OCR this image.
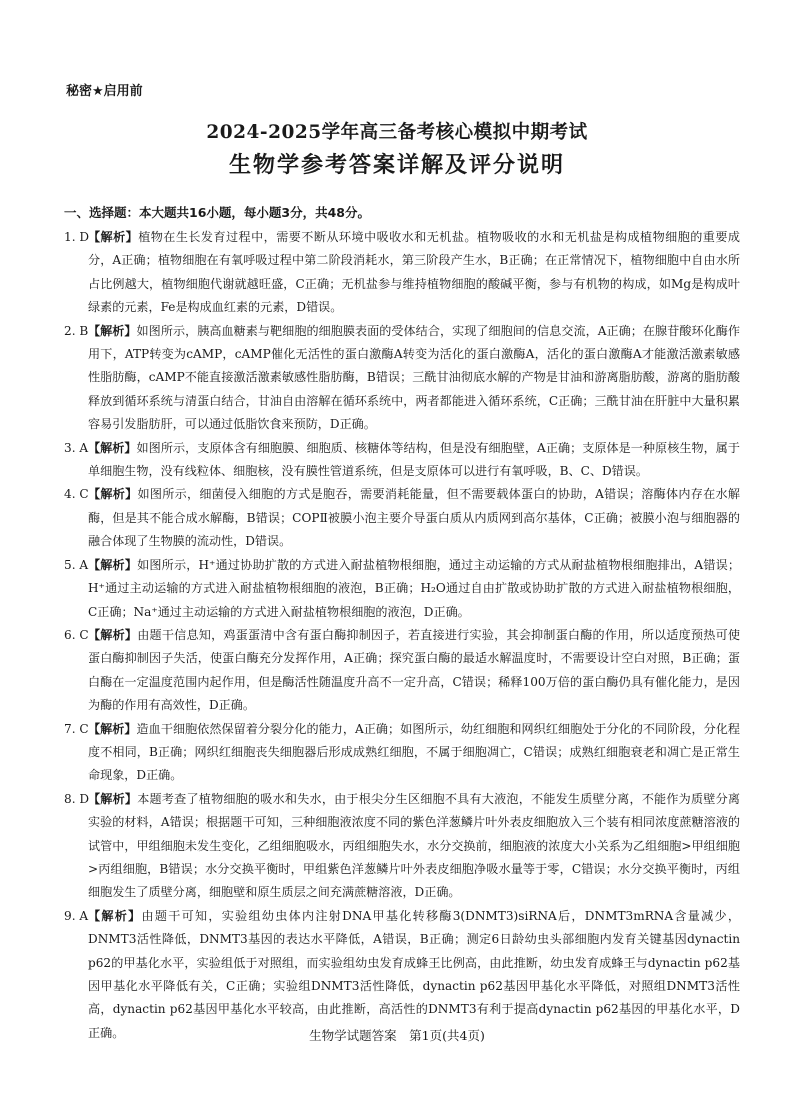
秘密★启用前
2024-2025学年高三备考核心模拟中期考试
生物学参考答案详解及评分说明
一、选择题：本大题共16小题，每小题3分，共48分。

1. D
【解析】植物在生长发育过程中，需要不断从环境中吸收水和无机盐。植物吸收的水和无机盐是构成植物细胞的重要成分，A正确；植物细胞在有氧呼吸过程中第二阶段消耗水，第三阶段产生水，B正确；在正常情况下，植物细胞中自由水所占比例越大，植物细胞代谢就越旺盛，C正确；无机盐参与维持植物细胞的酸碱平衡，参与有机物的构成，如Mg是构成叶绿素的元素，Fe是构成血红素的元素，D错误。

2. B 【解析】如图所示，胰高血糖素与靶细胞的细胞膜表面的受体结合，实现了细胞间的信息交流，A正确；在腺苷酸环化酶作用下，ATP转变为cAMP，cAMP催化无活性的蛋白激酶A转变为活化的蛋白激酶A，活化的蛋白激酶A才能激活激素敏感性脂肪酶，cAMP不能直接激活激素敏感性脂肪酶，B错误；三酰甘油彻底水解的产物是甘油和游离脂肪酸，游离的脂肪酸释放到循环系统与清蛋白结合，甘油自由溶解在循环系统中，两者都能进入循环系统，C正确；三酰甘油在肝脏中大量积累容易引发脂肪肝，可以通过低脂饮食来预防，D正确。

3. A 【解析】如图所示，支原体含有细胞膜、细胞质、核糖体等结构，但是没有细胞壁，A正确；支原体是一种原核生物，属于单细胞生物，没有线粒体、细胞核，没有膜性管道系统，但是支原体可以进行有氧呼吸，B、C、D错误。

4. C 【解析】如图所示，细菌侵入细胞的方式是胞吞，需要消耗能量，但不需要载体蛋白的协助，A错误；溶酶体内存在水解酶，但是其不能合成水解酶，B错误；COPⅡ被膜小泡主要介导蛋白质从内质网到高尔基体，C正确；被膜小泡与细胞器的融合体现了生物膜的流动性，D错误。

5. A 【解析】如图所示，H⁺通过协助扩散的方式进入耐盐植物根细胞，通过主动运输的方式从耐盐植物根细胞排出，A错误；H⁺通过主动运输的方式进入耐盐植物根细胞的液泡，B正确；H₂O通过自由扩散或协助扩散的方式进入耐盐植物根细胞，C正确；Na⁺通过主动运输的方式进入耐盐植物根细胞的液泡，D正确。

6. C 【解析】由题干信息知，鸡蛋蛋清中含有蛋白酶抑制因子，若直接进行实验，其会抑制蛋白酶的作用，所以适度预热可使蛋白酶抑制因子失活，使蛋白酶充分发挥作用，A正确；探究蛋白酶的最适水解温度时，不需要设计空白对照，B正确；蛋白酶在一定温度范围内起作用，但是酶活性随温度升高不一定升高，C错误；稀释100万倍的蛋白酶仍具有催化能力，是因为酶的作用有高效性，D正确。

7. C 【解析】造血干细胞依然保留着分裂分化的能力，A正确；如图所示，幼红细胞和网织红细胞处于分化的不同阶段，分化程度不相同，B正确；网织红细胞丧失细胞器后形成成熟红细胞，不属于细胞凋亡，C错误；成熟红细胞衰老和凋亡是正常生命现象，D正确。

8. D
【解析】本题考查了植物细胞的吸水和失水，由于根尖分生区细胞不具有大液泡，不能发生质壁分离，不能作为质壁分离实验的材料，A错误；根据题干可知，三种细胞液浓度不同的紫色洋葱鳞片叶外表皮细胞放入三个装有相同浓度蔗糖溶液的试管中，甲组细胞未发生变化，乙组细胞吸水，丙组细胞失水，水分交换前，细胞液的浓度大小关系为乙组细胞>甲组细胞>丙组细胞，B错误；水分交换平衡时，甲组紫色洋葱鳞片叶外表皮细胞净吸水量等于零，C错误；水分交换平衡时，丙组细胞发生了质壁分离，细胞壁和原生质层之间充满蔗糖溶液，D正确。

9. A 【解析】由题干可知，实验组幼虫体内注射DNA甲基化转移酶3(DNMT3)siRNA后，DNMT3mRNA含量减少，DNMT3活性降低，DNMT3基因的表达水平降低，A错误，B正确；测定6日龄幼虫头部细胞内发育关键基因dynactin p62的甲基化水平，实验组低于对照组，而实验组幼虫发育成蜂王比例高，由此推断，幼虫发育成蜂王与dynactin p62基因甲基化水平降低有关，C正确；实验组DNMT3活性降低，dynactin p62基因甲基化水平降低，对照组DNMT3活性高，dynactin p62基因甲基化水平较高，由此推断，高活性的DNMT3有利于提高dynactin p62基因的甲基化水平，D正确。	生物学试题答案　第1页(共4页)
